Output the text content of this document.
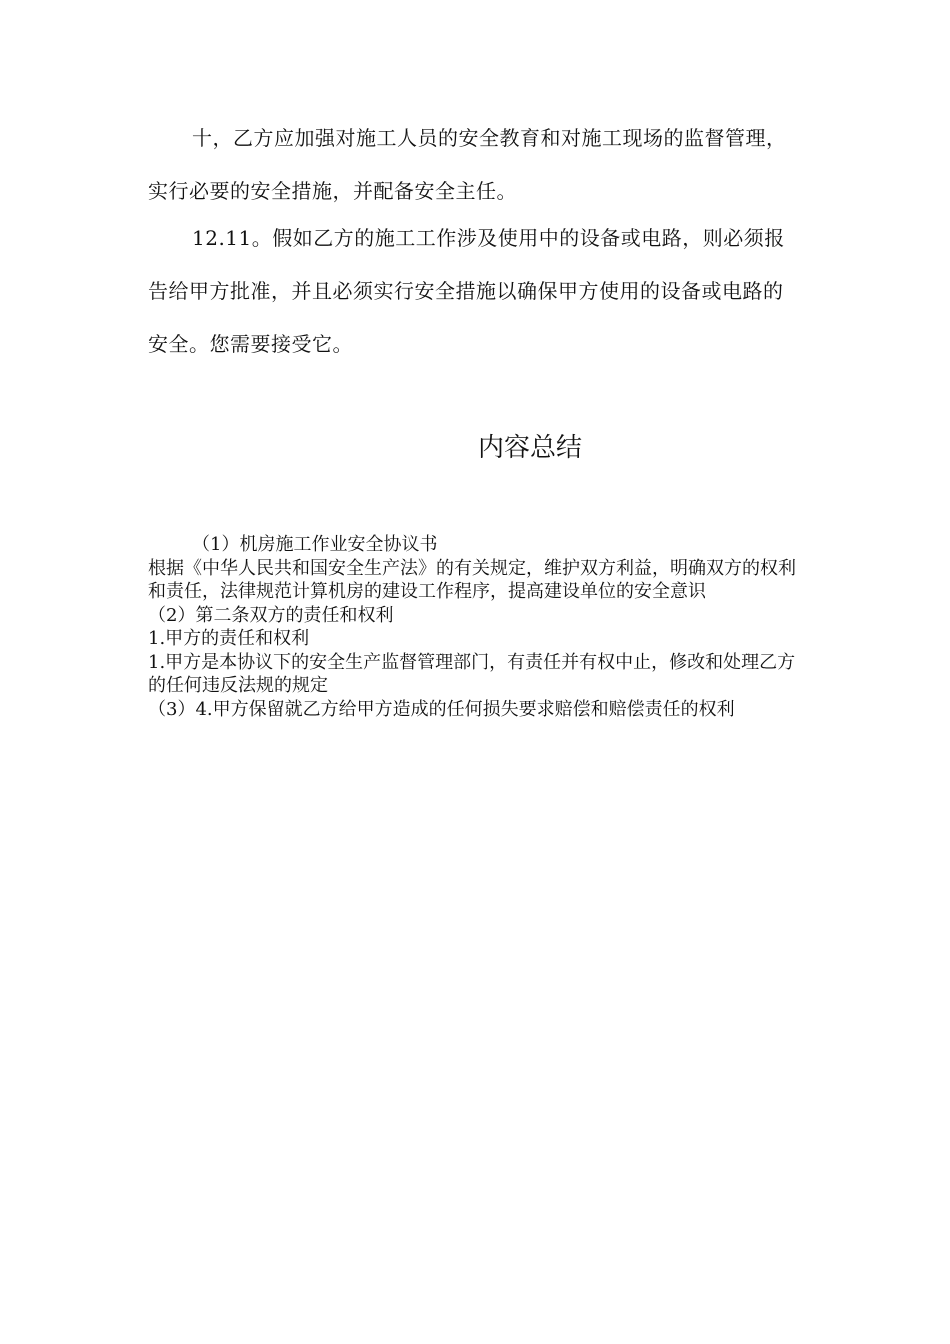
十，乙方应加强对施工人员的安全教育和对施工现场的监督管理，实行必要的安全措施，并配备安全主任。

12.11。假如乙方的施工工作涉及使用中的设备或电路，则必须报告给甲方批准，并且必须实行安全措施以确保甲方使用的设备或电路的安全。您需要接受它。

内容总结
（1）机房施工作业安全协议书
根据《中华人民共和国安全生产法》的有关规定，维护双方利益，明确双方的权利和责任，法律规范计算机房的建设工作程序，提高建设单位的安全意识
（2）第二条双方的责任和权利
1.甲方的责任和权利
1.甲方是本协议下的安全生产监督管理部门，有责任并有权中止，修改和处理乙方的任何违反法规的规定
（3）4.甲方保留就乙方给甲方造成的任何损失要求赔偿和赔偿责任的权利
